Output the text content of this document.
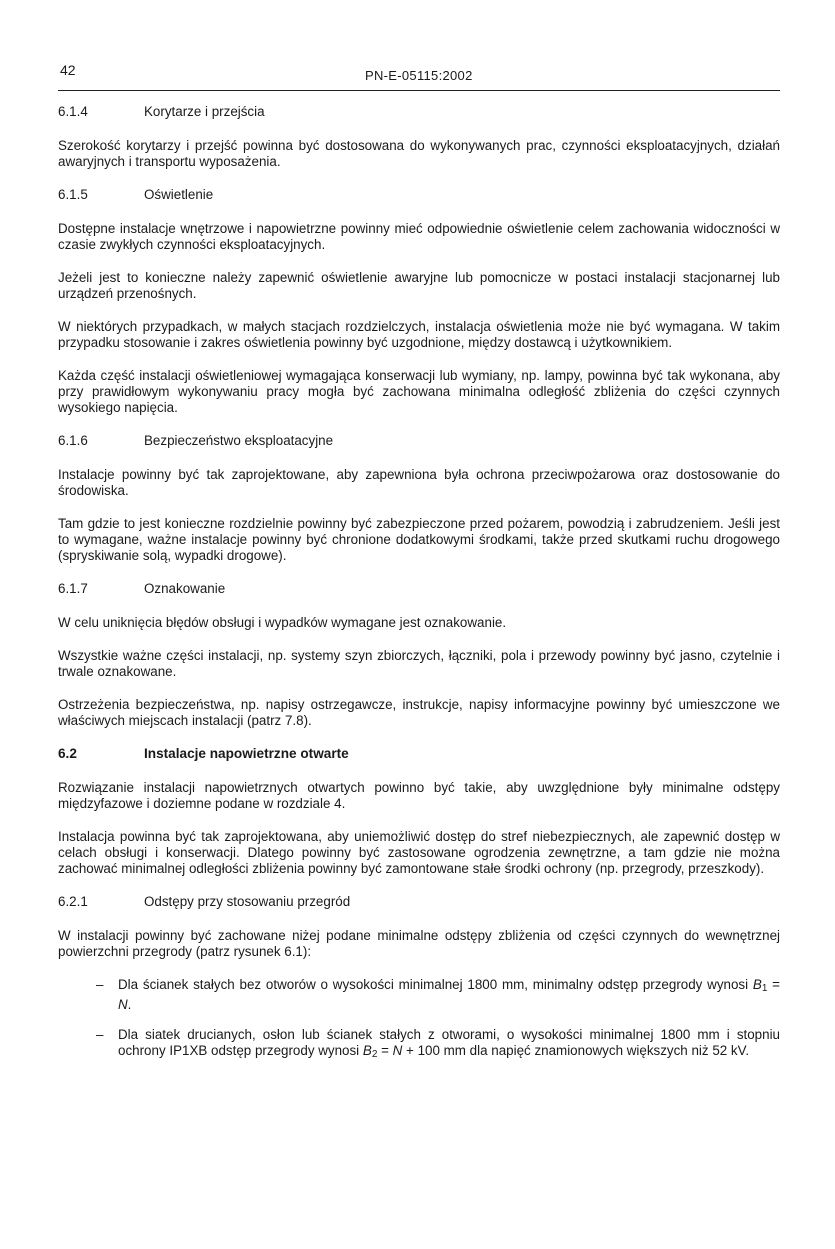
42	PN-E-05115:2002
6.1.4	Korytarze i przejścia

Szerokość korytarzy i przejść powinna być dostosowana do wykonywanych prac, czynności eksploatacyjnych, działań awaryjnych i transportu wyposażenia.

6.1.5	Oświetlenie

Dostępne instalacje wnętrzowe i napowietrzne powinny mieć odpowiednie oświetlenie celem zachowania widoczności w czasie zwykłych czynności eksploatacyjnych.

Jeżeli jest to konieczne należy zapewnić oświetlenie awaryjne lub pomocnicze w postaci instalacji stacjonarnej lub urządzeń przenośnych.

W niektórych przypadkach, w małych stacjach rozdzielczych, instalacja oświetlenia może nie być wymagana. W takim przypadku stosowanie i zakres oświetlenia powinny być uzgodnione, między dostawcą i użytkownikiem.

Każda część instalacji oświetleniowej wymagająca konserwacji lub wymiany, np. lampy, powinna być tak wykonana, aby przy prawidłowym wykonywaniu pracy mogła być zachowana minimalna odległość zbliżenia do części czynnych wysokiego napięcia.

6.1.6	Bezpieczeństwo eksploatacyjne

Instalacje powinny być tak zaprojektowane, aby zapewniona była ochrona przeciwpożarowa oraz dostosowanie do środowiska.

Tam gdzie to jest konieczne rozdzielnie powinny być zabezpieczone przed pożarem, powodzią i zabrudzeniem. Jeśli jest to wymagane, ważne instalacje powinny być chronione dodatkowymi środkami, także przed skutkami ruchu drogowego (spryskiwanie solą, wypadki drogowe).

6.1.7	Oznakowanie

W celu uniknięcia błędów obsługi i wypadków wymagane jest oznakowanie.

Wszystkie ważne części instalacji, np. systemy szyn zbiorczych, łączniki, pola i przewody powinny być jasno, czytelnie i trwale oznakowane.

Ostrzeżenia bezpieczeństwa, np. napisy ostrzegawcze, instrukcje, napisy informacyjne powinny być umieszczone we właściwych miejscach instalacji (patrz 7.8).

6.2	Instalacje napowietrzne otwarte

Rozwiązanie instalacji napowietrznych otwartych powinno być takie, aby uwzględnione były minimalne odstępy międzyfazowe i doziemne podane w rozdziale 4.

Instalacja powinna być tak zaprojektowana, aby uniemożliwić dostęp do stref niebezpiecznych, ale zapewnić dostęp w celach obsługi i konserwacji. Dlatego powinny być zastosowane ogrodzenia zewnętrzne, a tam gdzie nie można zachować minimalnej odległości zbliżenia powinny być zamontowane stałe środki ochrony (np. przegrody, przeszkody).

6.2.1	Odstępy przy stosowaniu przegród

W instalacji powinny być zachowane niżej podane minimalne odstępy zbliżenia od części czynnych do wewnętrznej powierzchni przegrody (patrz rysunek 6.1):

– Dla ścianek stałych bez otworów o wysokości minimalnej 1800 mm, minimalny odstęp przegrody wynosi $B_1 = N$.
– Dla siatek drucianych, osłon lub ścianek stałych z otworami, o wysokości minimalnej 1800 mm i stopniu ochrony IP1XB odstęp przegrody wynosi $B_2 = N + 100$ mm dla napięć znamionowych większych niż 52 kV.
